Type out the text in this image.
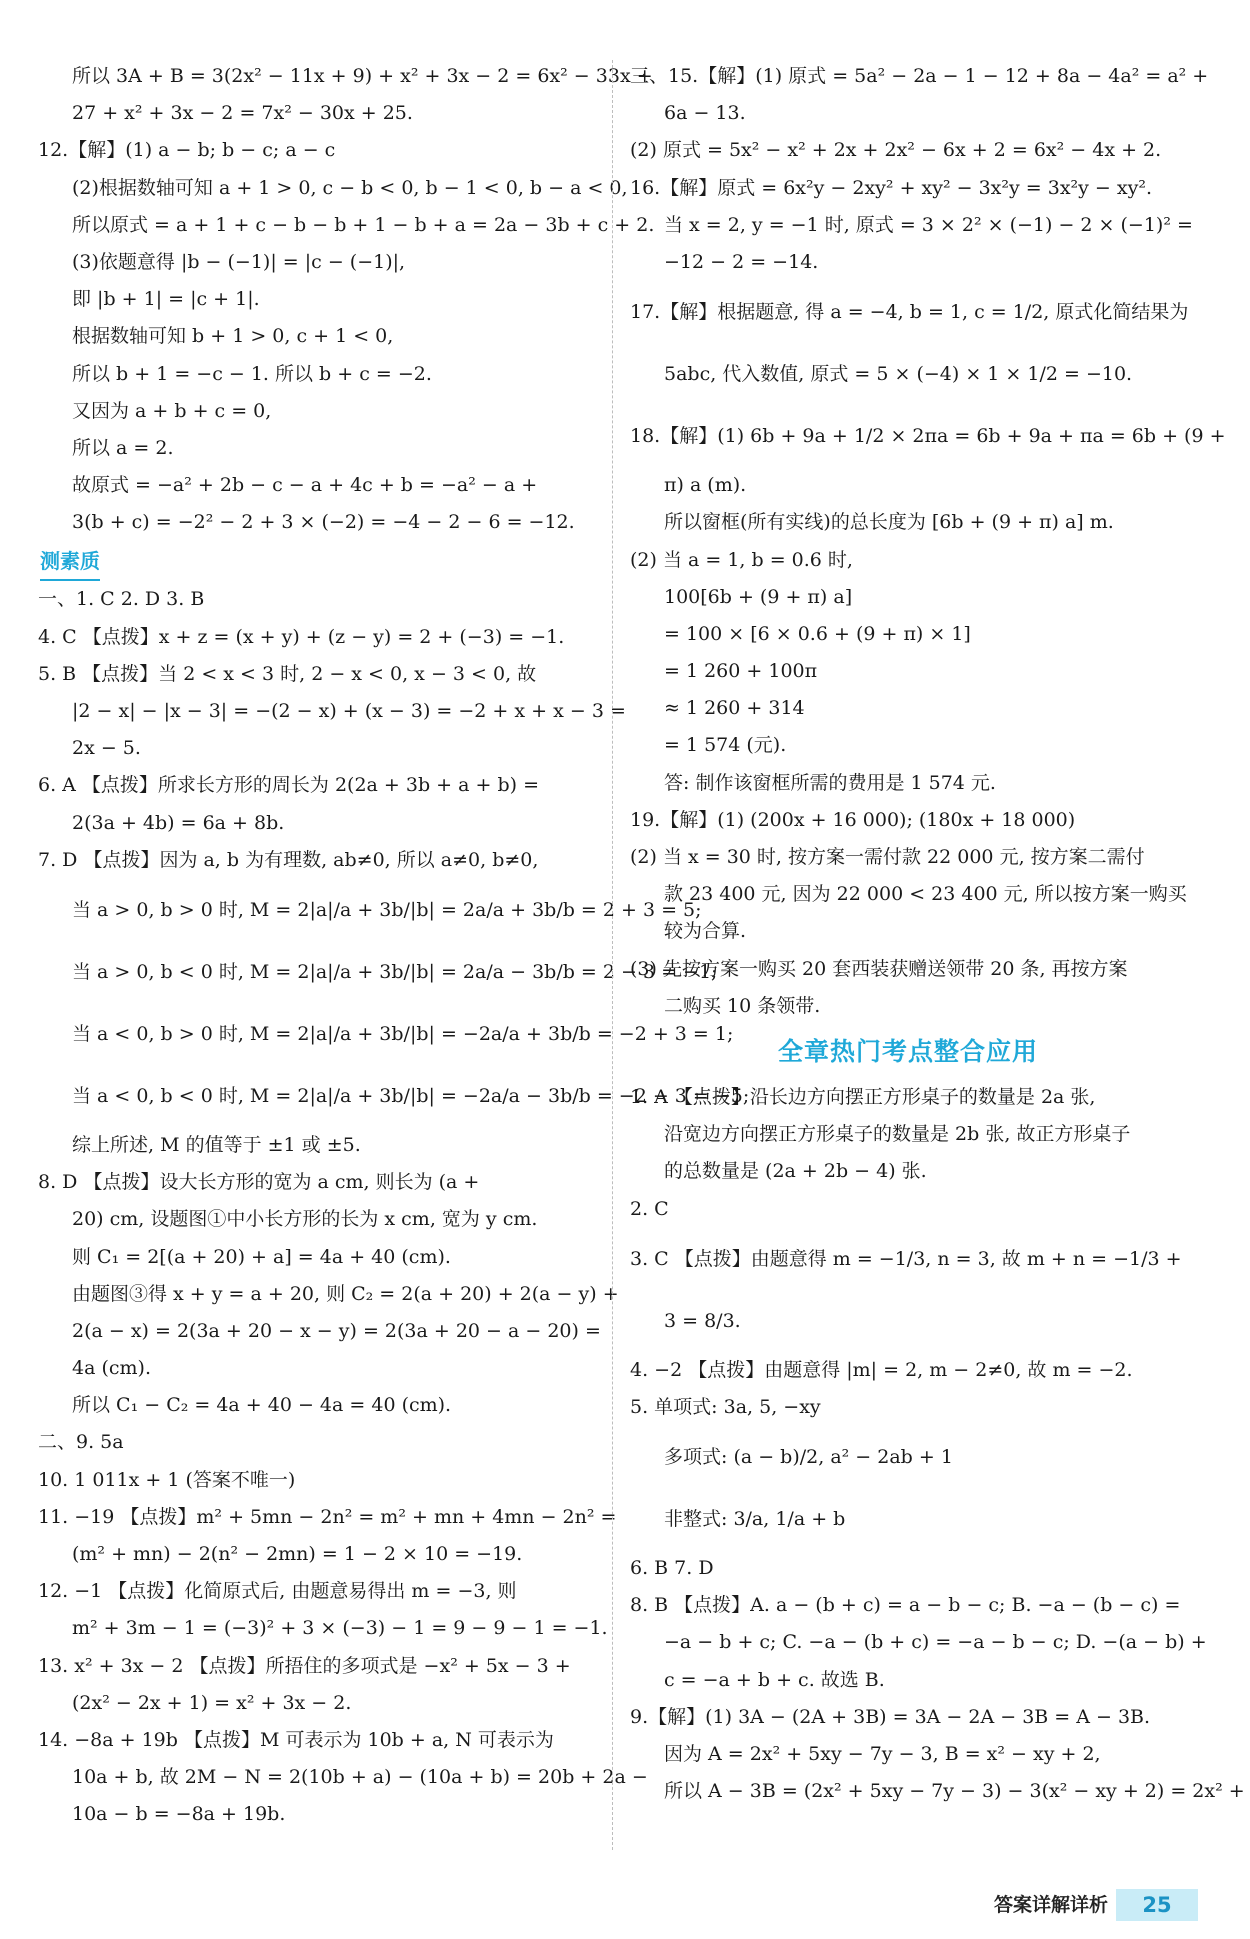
所以 3A + B = 3(2x² − 11x + 9) + x² + 3x − 2 = 6x² − 33x +
27 + x² + 3x − 2 = 7x² − 30x + 25.
12.【解】(1) a − b; b − c; a − c
(2)根据数轴可知 a + 1 > 0, c − b < 0, b − 1 < 0, b − a < 0,
所以原式 = a + 1 + c − b − b + 1 − b + a = 2a − 3b + c + 2.
(3)依题意得 |b − (−1)| = |c − (−1)|,
即 |b + 1| = |c + 1|.
根据数轴可知 b + 1 > 0, c + 1 < 0,
所以 b + 1 = −c − 1. 所以 b + c = −2.
又因为 a + b + c = 0,
所以 a = 2.
故原式 = −a² + 2b − c − a + 4c + b = −a² − a +
3(b + c) = −2² − 2 + 3 × (−2) = −4 − 2 − 6 = −12.
测素质
一、1. C 2. D 3. B
4. C 【点拨】x + z = (x + y) + (z − y) = 2 + (−3) = −1.
5. B 【点拨】当 2 < x < 3 时, 2 − x < 0, x − 3 < 0, 故
|2 − x| − |x − 3| = −(2 − x) + (x − 3) = −2 + x + x − 3 =
2x − 5.
6. A 【点拨】所求长方形的周长为 2(2a + 3b + a + b) =
2(3a + 4b) = 6a + 8b.
7. D 【点拨】因为 a, b 为有理数, ab≠0, 所以 a≠0, b≠0,
当 a > 0, b > 0 时, M = 2|a|/a + 3b/|b| = 2a/a + 3b/b = 2 + 3 = 5;
当 a > 0, b < 0 时, M = 2|a|/a + 3b/|b| = 2a/a − 3b/b = 2 − 3 = −1;
当 a < 0, b > 0 时, M = 2|a|/a + 3b/|b| = −2a/a + 3b/b = −2 + 3 = 1;
当 a < 0, b < 0 时, M = 2|a|/a + 3b/|b| = −2a/a − 3b/b = −2 − 3 = −5;
综上所述, M 的值等于 ±1 或 ±5.
8. D 【点拨】设大长方形的宽为 a cm, 则长为 (a +
20) cm, 设题图①中小长方形的长为 x cm, 宽为 y cm.
则 C₁ = 2[(a + 20) + a] = 4a + 40 (cm).
由题图③得 x + y = a + 20, 则 C₂ = 2(a + 20) + 2(a − y) +
2(a − x) = 2(3a + 20 − x − y) = 2(3a + 20 − a − 20) =
4a (cm).
所以 C₁ − C₂ = 4a + 40 − 4a = 40 (cm).
二、9. 5a
10. 1 011x + 1 (答案不唯一)
11. −19 【点拨】m² + 5mn − 2n² = m² + mn + 4mn − 2n² =
(m² + mn) − 2(n² − 2mn) = 1 − 2 × 10 = −19.
12. −1 【点拨】化简原式后, 由题意易得出 m = −3, 则
m² + 3m − 1 = (−3)² + 3 × (−3) − 1 = 9 − 9 − 1 = −1.
13. x² + 3x − 2 【点拨】所捂住的多项式是 −x² + 5x − 3 +
(2x² − 2x + 1) = x² + 3x − 2.
14. −8a + 19b 【点拨】M 可表示为 10b + a, N 可表示为
10a + b, 故 2M − N = 2(10b + a) − (10a + b) = 20b + 2a −
10a − b = −8a + 19b.
三、15.【解】(1) 原式 = 5a² − 2a − 1 − 12 + 8a − 4a² = a² +
6a − 13.
(2) 原式 = 5x² − x² + 2x + 2x² − 6x + 2 = 6x² − 4x + 2.
16.【解】原式 = 6x²y − 2xy² + xy² − 3x²y = 3x²y − xy².
当 x = 2, y = −1 时, 原式 = 3 × 2² × (−1) − 2 × (−1)² =
−12 − 2 = −14.
17.【解】根据题意, 得 a = −4, b = 1, c = 1/2, 原式化简结果为
5abc, 代入数值, 原式 = 5 × (−4) × 1 × 1/2 = −10.
18.【解】(1) 6b + 9a + 1/2 × 2πa = 6b + 9a + πa = 6b + (9 +
π) a (m).
所以窗框(所有实线)的总长度为 [6b + (9 + π) a] m.
(2) 当 a = 1, b = 0.6 时,
100[6b + (9 + π) a]
= 100 × [6 × 0.6 + (9 + π) × 1]
= 1 260 + 100π
≈ 1 260 + 314
= 1 574 (元).
答: 制作该窗框所需的费用是 1 574 元.
19.【解】(1) (200x + 16 000); (180x + 18 000)
(2) 当 x = 30 时, 按方案一需付款 22 000 元, 按方案二需付
款 23 400 元, 因为 22 000 < 23 400 元, 所以按方案一购买
较为合算.
(3) 先按方案一购买 20 套西装获赠送领带 20 条, 再按方案
二购买 10 条领带.
全章热门考点整合应用
1. A 【点拨】沿长边方向摆正方形桌子的数量是 2a 张,
沿宽边方向摆正方形桌子的数量是 2b 张, 故正方形桌子
的总数量是 (2a + 2b − 4) 张.
2. C
3. C 【点拨】由题意得 m = −1/3, n = 3, 故 m + n = −1/3 +
3 = 8/3.
4. −2 【点拨】由题意得 |m| = 2, m − 2≠0, 故 m = −2.
5. 单项式: 3a, 5, −xy
多项式: (a − b)/2, a² − 2ab + 1
非整式: 3/a, 1/a + b
6. B 7. D
8. B 【点拨】A. a − (b + c) = a − b − c; B. −a − (b − c) =
−a − b + c; C. −a − (b + c) = −a − b − c; D. −(a − b) +
c = −a + b + c. 故选 B.
9.【解】(1) 3A − (2A + 3B) = 3A − 2A − 3B = A − 3B.
因为 A = 2x² + 5xy − 7y − 3, B = x² − xy + 2,
所以 A − 3B = (2x² + 5xy − 7y − 3) − 3(x² − xy + 2) = 2x² +
答案详解详析	25
